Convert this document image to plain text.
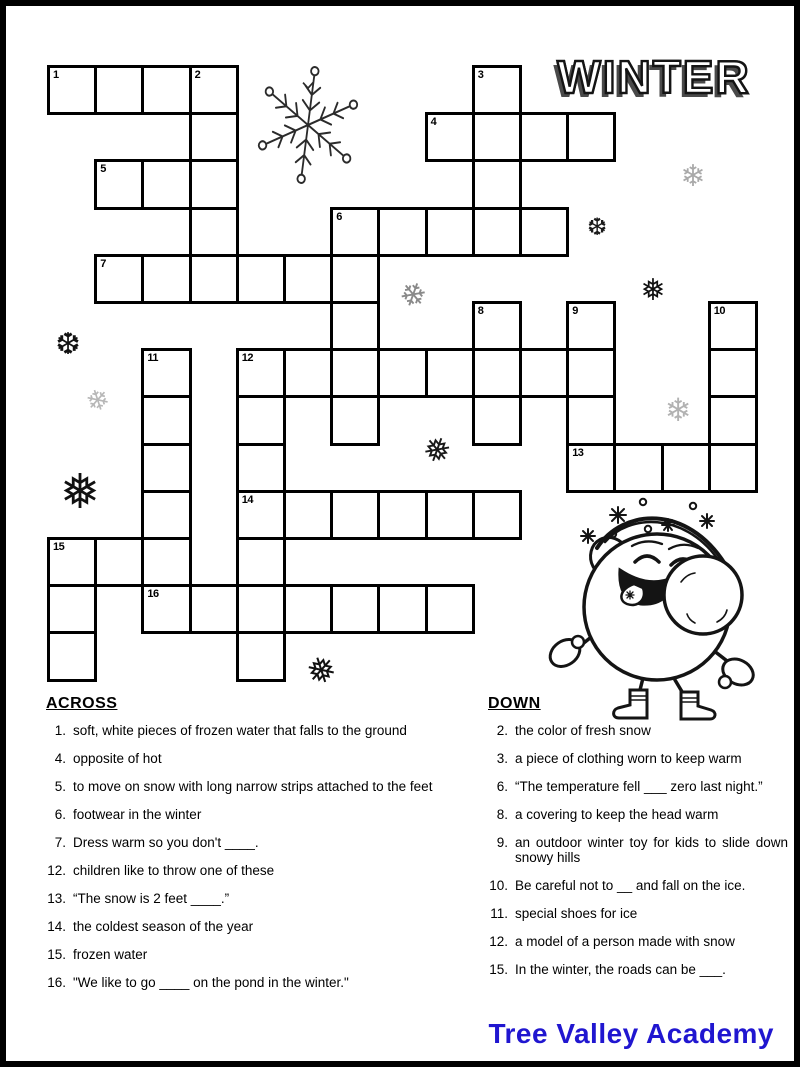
WINTER
1	2	3
4
5
6
7
8	9	10
11	12
13
14
15
16
❄
❆
❅
❄
❆
❄
❅
❅
❄
❅
ACROSS
1. soft, white pieces of frozen water that falls to the ground
4. opposite of hot
5. to move on snow with long narrow strips attached to the feet
6. footwear in the winter
7. Dress warm so you don't ____.
12. children like to throw one of these
13. “The snow is 2 feet ____.”
14. the coldest season of the year
15. frozen water
16. "We like to go ____ on the pond in the winter."
DOWN
2. the color of fresh snow
3. a piece of clothing worn to keep warm
6. “The temperature fell ___ zero last night.”
8. a covering to keep the head warm
9. an outdoor winter toy for kids to slide down snowy hills
10. Be careful not to __ and fall on the ice.
11. special shoes for ice
12. a model of a person made with snow
15. In the winter, the roads can be ___.
Tree Valley Academy
